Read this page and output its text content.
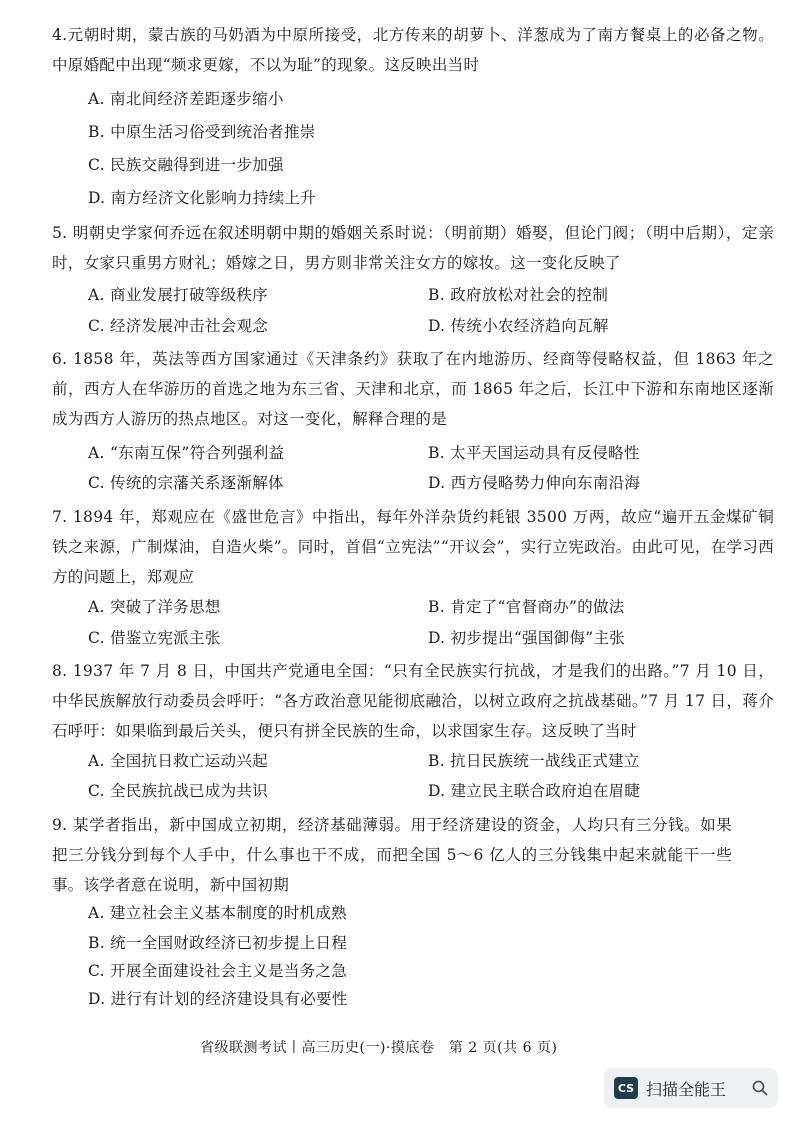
4.元朝时期，蒙古族的马奶酒为中原所接受，北方传来的胡萝卜、洋葱成为了南方餐桌上的必备之物。中原婚配中出现“频求更嫁，不以为耻”的现象。这反映出当时
A. 南北间经济差距逐步缩小
B. 中原生活习俗受到统治者推崇
C. 民族交融得到进一步加强
D. 南方经济文化影响力持续上升
5. 明朝史学家何乔远在叙述明朝中期的婚姻关系时说：（明前期）婚娶，但论门阀；（明中后期），定亲时，女家只重男方财礼；婚嫁之日，男方则非常关注女方的嫁妆。这一变化反映了
A. 商业发展打破等级秩序	B. 政府放松对社会的控制
C. 经济发展冲击社会观念	D. 传统小农经济趋向瓦解
6. 1858 年，英法等西方国家通过《天津条约》获取了在内地游历、经商等侵略权益，但 1863 年之前，西方人在华游历的首选之地为东三省、天津和北京，而 1865 年之后，长江中下游和东南地区逐渐成为西方人游历的热点地区。对这一变化，解释合理的是
A. “东南互保”符合列强利益	B. 太平天国运动具有反侵略性
C. 传统的宗藩关系逐渐解体	D. 西方侵略势力伸向东南沿海
7. 1894 年，郑观应在《盛世危言》中指出，每年外洋杂货约耗银 3500 万两，故应“遍开五金煤矿铜铁之来源，广制煤油，自造火柴”。同时，首倡“立宪法”“开议会”，实行立宪政治。由此可见，在学习西方的问题上，郑观应
A. 突破了洋务思想	B. 肯定了“官督商办”的做法
C. 借鉴立宪派主张	D. 初步提出“强国御侮”主张
8. 1937 年 7 月 8 日，中国共产党通电全国：“只有全民族实行抗战，才是我们的出路。”7 月 10 日，中华民族解放行动委员会呼吁：“各方政治意见能彻底融洽，以树立政府之抗战基础。”7 月 17 日，蒋介石呼吁：如果临到最后关头，便只有拼全民族的生命，以求国家生存。这反映了当时
A. 全国抗日救亡运动兴起	B. 抗日民族统一战线正式建立
C. 全民族抗战已成为共识	D. 建立民主联合政府迫在眉睫
9. 某学者指出，新中国成立初期，经济基础薄弱。用于经济建设的资金，人均只有三分钱。如果把三分钱分到每个人手中，什么事也干不成，而把全国 5～6 亿人的三分钱集中起来就能干一些事。该学者意在说明，新中国初期
A. 建立社会主义基本制度的时机成熟
B. 统一全国财政经济已初步提上日程
C. 开展全面建设社会主义是当务之急
D. 进行有计划的经济建设具有必要性
省级联测考试丨高三历史(一)·摸底卷　第 2 页(共 6 页)
CS 扫描全能王
